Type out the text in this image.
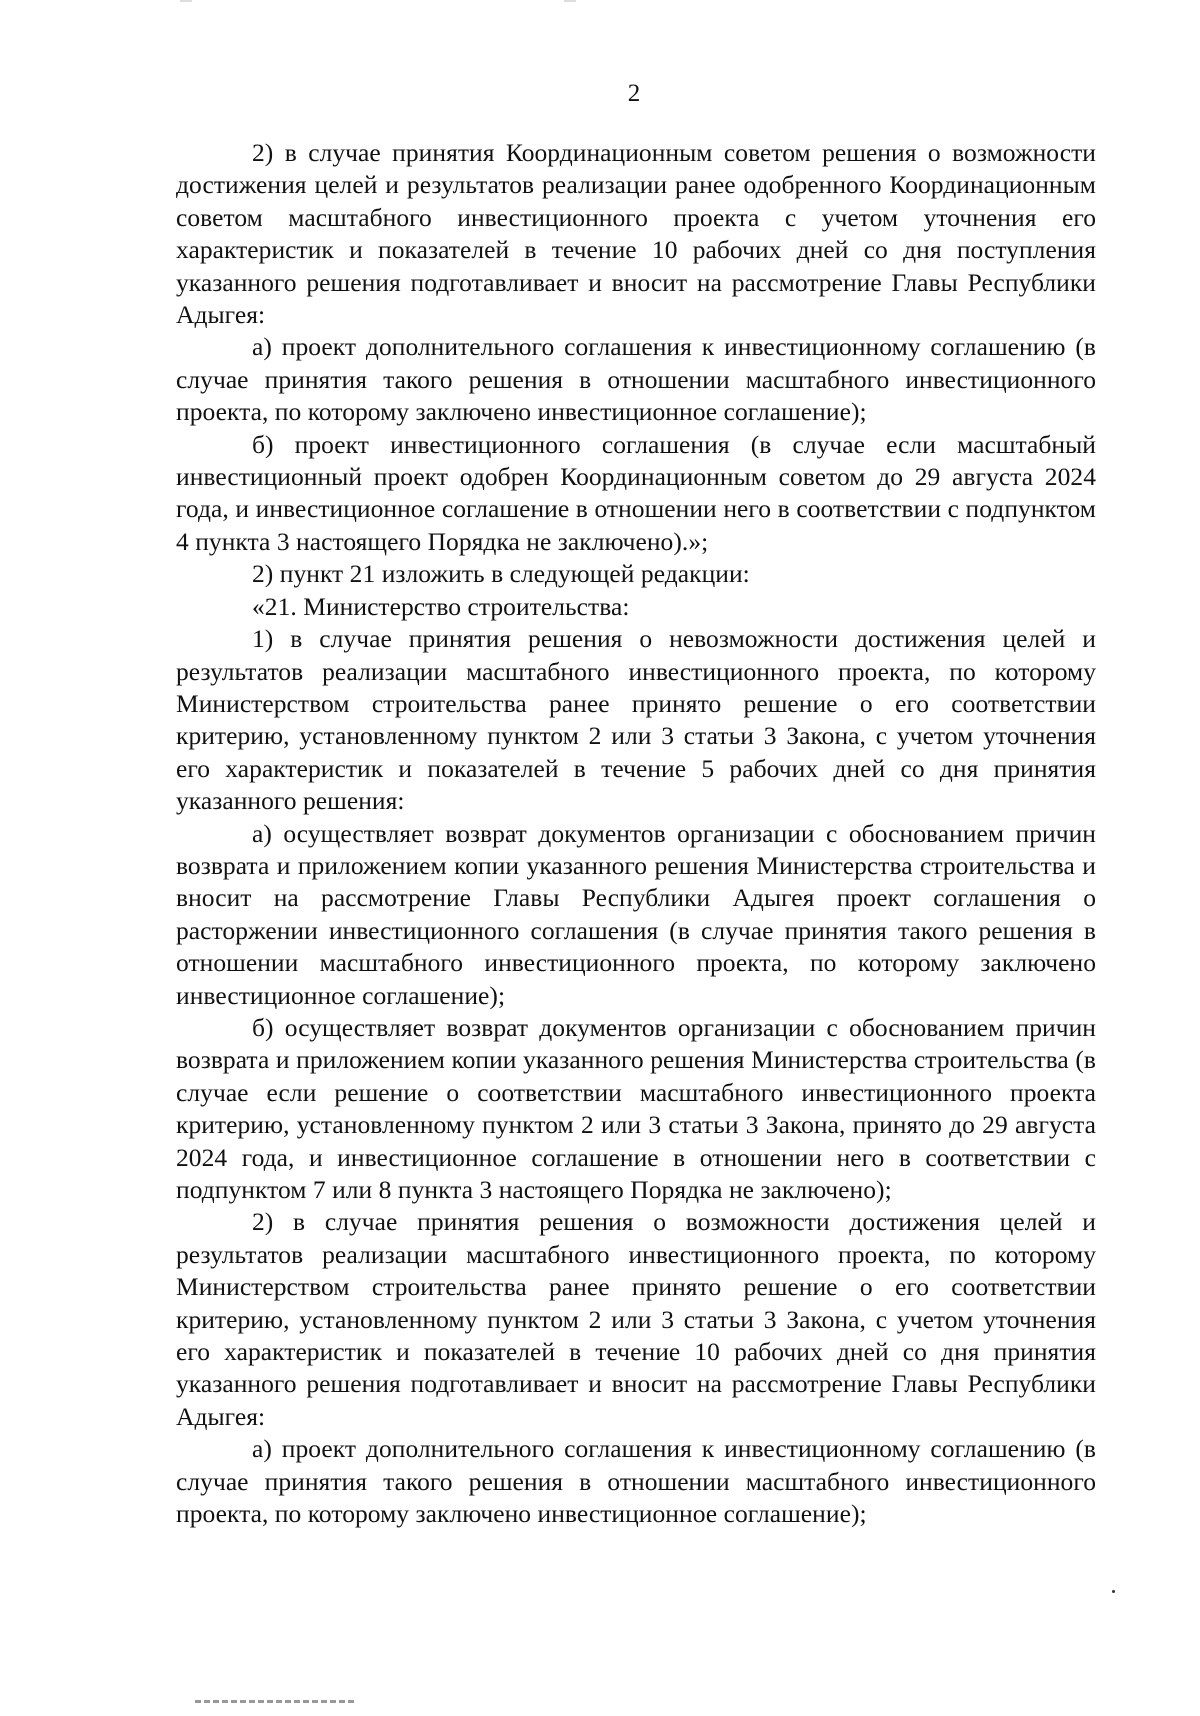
2

2) в случае принятия Координационным советом решения о возможности достижения целей и результатов реализации ранее одобренного Координационным советом масштабного инвестиционного проекта с учетом уточнения его характеристик и показателей в течение 10 рабочих дней со дня поступления указанного решения подготавливает и вносит на рассмотрение Главы Республики Адыгея:

а) проект дополнительного соглашения к инвестиционному соглашению (в случае принятия такого решения в отношении масштабного инвестиционного проекта, по которому заключено инвестиционное соглашение);

б) проект инвестиционного соглашения (в случае если масштабный инвестиционный проект одобрен Координационным советом до 29 августа 2024 года, и инвестиционное соглашение в отношении него в соответствии с подпунктом 4 пункта 3 настоящего Порядка не заключено).»;

2) пункт 21 изложить в следующей редакции:

«21. Министерство строительства:

1) в случае принятия решения о невозможности достижения целей и результатов реализации масштабного инвестиционного проекта, по которому Министерством строительства ранее принято решение о его соответствии критерию, установленному пунктом 2 или 3 статьи 3 Закона, с учетом уточнения его характеристик и показателей в течение 5 рабочих дней со дня принятия указанного решения:

а) осуществляет возврат документов организации с обоснованием причин возврата и приложением копии указанного решения Министерства строительства и вносит на рассмотрение Главы Республики Адыгея проект соглашения о расторжении инвестиционного соглашения (в случае принятия такого решения в отношении масштабного инвестиционного проекта, по которому заключено инвестиционное соглашение);

б) осуществляет возврат документов организации с обоснованием причин возврата и приложением копии указанного решения Министерства строительства (в случае если решение о соответствии масштабного инвестиционного проекта критерию, установленному пунктом 2 или 3 статьи 3 Закона, принято до 29 августа 2024 года, и инвестиционное соглашение в отношении него в соответствии с подпунктом 7 или 8 пункта 3 настоящего Порядка не заключено);

2) в случае принятия решения о возможности достижения целей и результатов реализации масштабного инвестиционного проекта, по которому Министерством строительства ранее принято решение о его соответствии критерию, установленному пунктом 2 или 3 статьи 3 Закона, с учетом уточнения его характеристик и показателей в течение 10 рабочих дней со дня принятия указанного решения подготавливает и вносит на рассмотрение Главы Республики Адыгея:

а) проект дополнительного соглашения к инвестиционному соглашению (в случае принятия такого решения в отношении масштабного инвестиционного проекта, по которому заключено инвестиционное соглашение);
